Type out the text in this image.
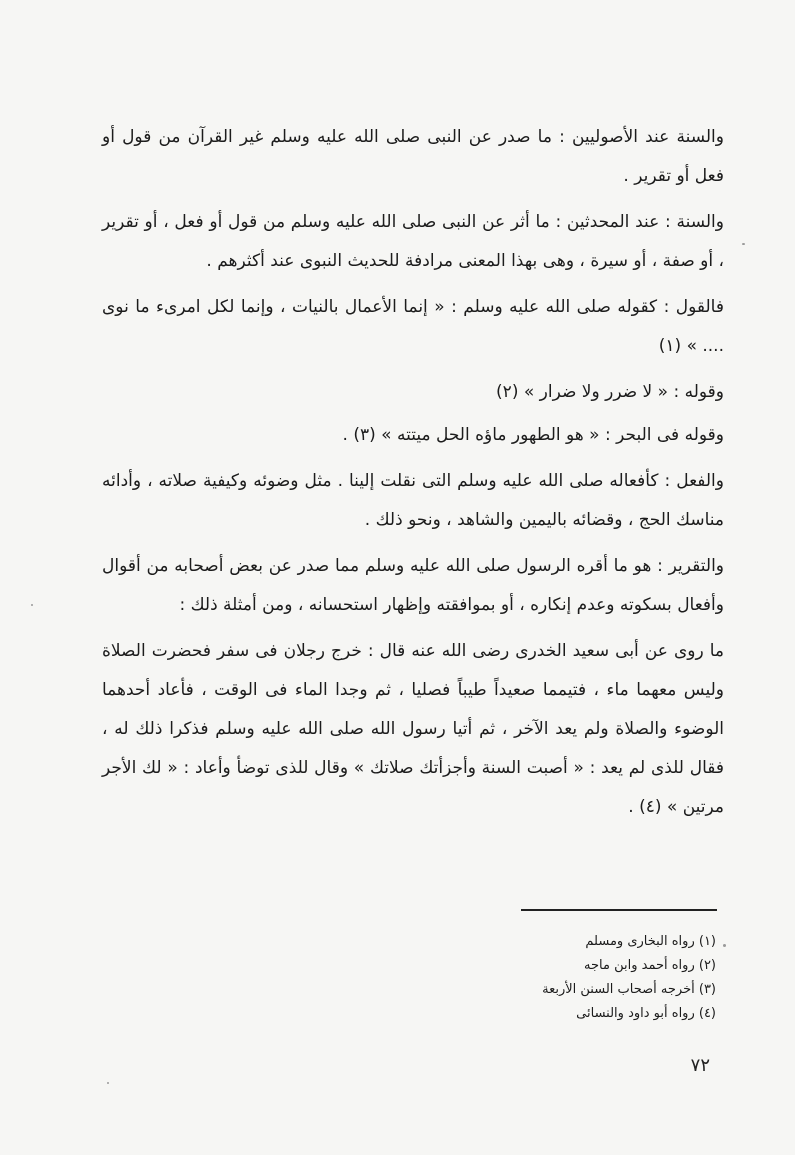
والسنة عند الأصوليين : ما صدر عن النبى صلى الله عليه وسلم غير القرآن من قول أو فعل أو تقرير .

والسنة : عند المحدثين : ما أثر عن النبى صلى الله عليه وسلم من قول أو فعل ، أو تقرير ، أو صفة ، أو سيرة ، وهى بهذا المعنى مرادفة للحديث النبوى عند أكثرهم .

فالقول : كقوله صلى الله عليه وسلم : « إنما الأعمال بالنيات ، وإنما لكل امرىء ما نوى .... » (١)

وقوله : « لا ضرر ولا ضرار » (٢)

وقوله فى البحر : « هو الطهور ماؤه الحل ميتته » (٣) .

والفعل : كأفعاله صلى الله عليه وسلم التى نقلت إلينا . مثل وضوئه وكيفية صلاته ، وأدائه مناسك الحج ، وقضائه باليمين والشاهد ، ونحو ذلك .

والتقرير : هو ما أقره الرسول صلى الله عليه وسلم مما صدر عن بعض أصحابه من أقوال وأفعال بسكوته وعدم إنكاره ، أو بموافقته وإظهار استحسانه ، ومن أمثلة ذلك :

ما روى عن أبى سعيد الخدرى رضى الله عنه قال : خرج رجلان فى سفر فحضرت الصلاة وليس معهما ماء ، فتيمما صعيداً طيباً فصليا ، ثم وجدا الماء فى الوقت ، فأعاد أحدهما الوضوء والصلاة ولم يعد الآخر ، ثم أتيا رسول الله صلى الله عليه وسلم فذكرا ذلك له ، فقال للذى لم يعد : « أصبت السنة وأجزأتك صلاتك » وقال للذى توضأ وأعاد : « لك الأجر مرتين » (٤) .

(١) رواه البخارى ومسلم
(٢) رواه أحمد وابن ماجه
(٣) أخرجه أصحاب السنن الأربعة
(٤) رواه أبو داود والنسائى
٧٢
